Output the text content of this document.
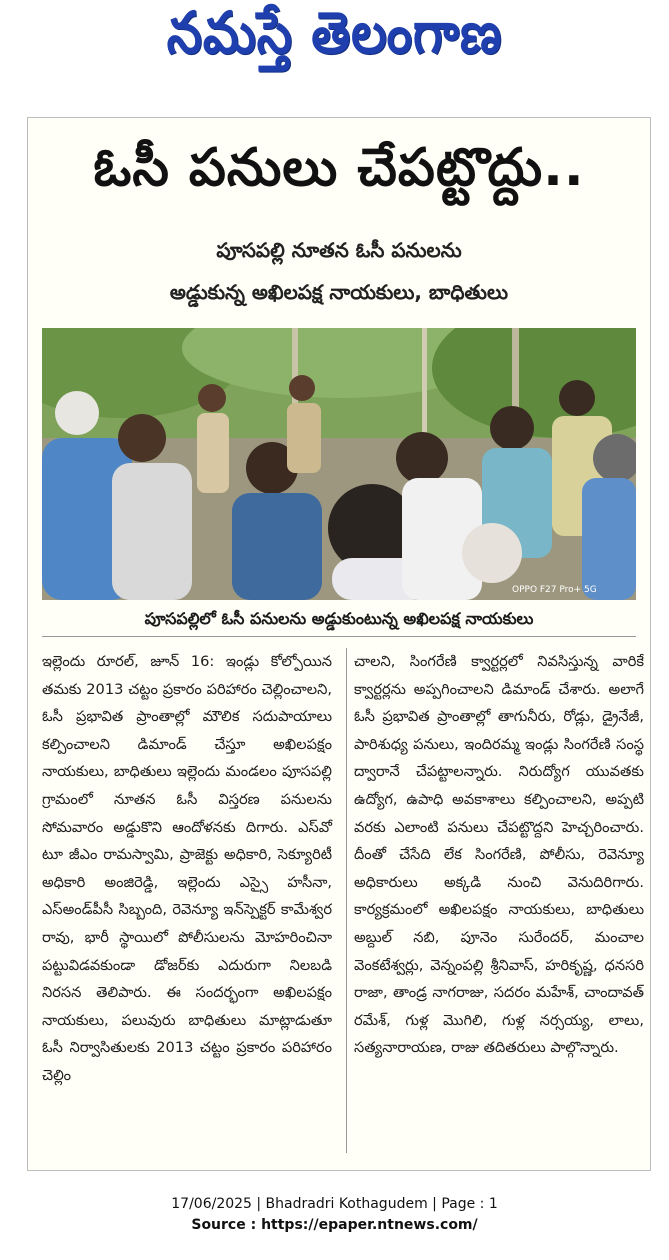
నమస్తే తెలంగాణ
ఓసీ పనులు చేపట్టొద్దు..
పూసపల్లి నూతన ఓసీ పనులను
అడ్డుకున్న అఖిలపక్ష నాయకులు, బాధితులు
OPPO F27 Pro+ 5G
పూసపల్లిలో ఓసీ పనులను అడ్డుకుంటున్న అఖిలపక్ష నాయకులు

ఇల్లెందు రూరల్‌, జూన్‌ 16: ఇండ్లు కోల్పోయిన తమకు 2013 చట్టం ప్రకారం పరిహారం చెల్లించాలని, ఓసీ ప్రభావిత ప్రాంతాల్లో మౌలిక సదుపాయాలు కల్పించాలని డిమాండ్‌ చేస్తూ అఖిలపక్షం నాయకులు, బాధితులు ఇల్లెందు మండలం పూసపల్లి గ్రామంలో నూతన ఓసీ విస్తరణ పనులను సోమవారం అడ్డుకొని ఆందోళనకు దిగారు. ఎస్‌వో టూ జీఎం రామస్వామి, ప్రాజెక్టు అధికారి, సెక్యూరిటీ అధికారి అంజిరెడ్డి, ఇల్లెందు ఎస్సై హసీనా, ఎస్‌అండ్‌పీసీ సిబ్బంది, రెవెన్యూ ఇన్‌స్పెక్టర్‌ కామేశ్వర రావు, భారీ స్థాయిలో పోలీసులను మోహరించినా పట్టువిడవకుండా డోజర్‌కు ఎదురుగా నిలబడి నిరసన తెలిపారు. ఈ సందర్భంగా అఖిలపక్షం నాయకులు, పలువురు బాధితులు మాట్లాడుతూ ఓసీ నిర్వాసితులకు 2013 చట్టం ప్రకారం పరిహారం చెల్లిం

చాలని, సింగరేణి క్వార్టర్లలో నివసిస్తున్న వారికే క్వార్టర్లను అప్పగించాలని డిమాండ్‌ చేశారు. అలాగే ఓసీ ప్రభావిత ప్రాంతాల్లో తాగునీరు, రోడ్లు, డ్రైనేజీ, పారిశుధ్య పనులు, ఇందిరమ్మ ఇండ్లు సింగరేణి సంస్థ ద్వారానే చేపట్టాలన్నారు. నిరుద్యోగ యువతకు ఉద్యోగ, ఉపాధి అవకాశాలు కల్పించాలని, అప్పటి వరకు ఎలాంటి పనులు చేపట్టొద్దని హెచ్చరించారు. దీంతో చేసేది లేక సింగరేణి, పోలీసు, రెవెన్యూ అధికారులు అక్కడి నుంచి వెనుదిరిగారు. కార్యక్రమంలో అఖిలపక్షం నాయకులు, బాధితులు అబ్దుల్‌ నబి, పూనెం సురేందర్‌, మంచాల వెంకటేశ్వర్లు, వెన్నంపల్లి శ్రీనివాస్‌, హరికృష్ణ, ధనసరి రాజా, తాండ్ర నాగరాజు, సదరం మహేశ్‌, చాందావత్‌ రమేశ్‌, గుళ్ల మొగిలి, గుళ్ల నర్సయ్య, లాలు, సత్యనారాయణ, రాజు తదితరులు పాల్గొన్నారు.

17/06/2025 | Bhadradri Kothagudem | Page : 1
Source : https://epaper.ntnews.com/
